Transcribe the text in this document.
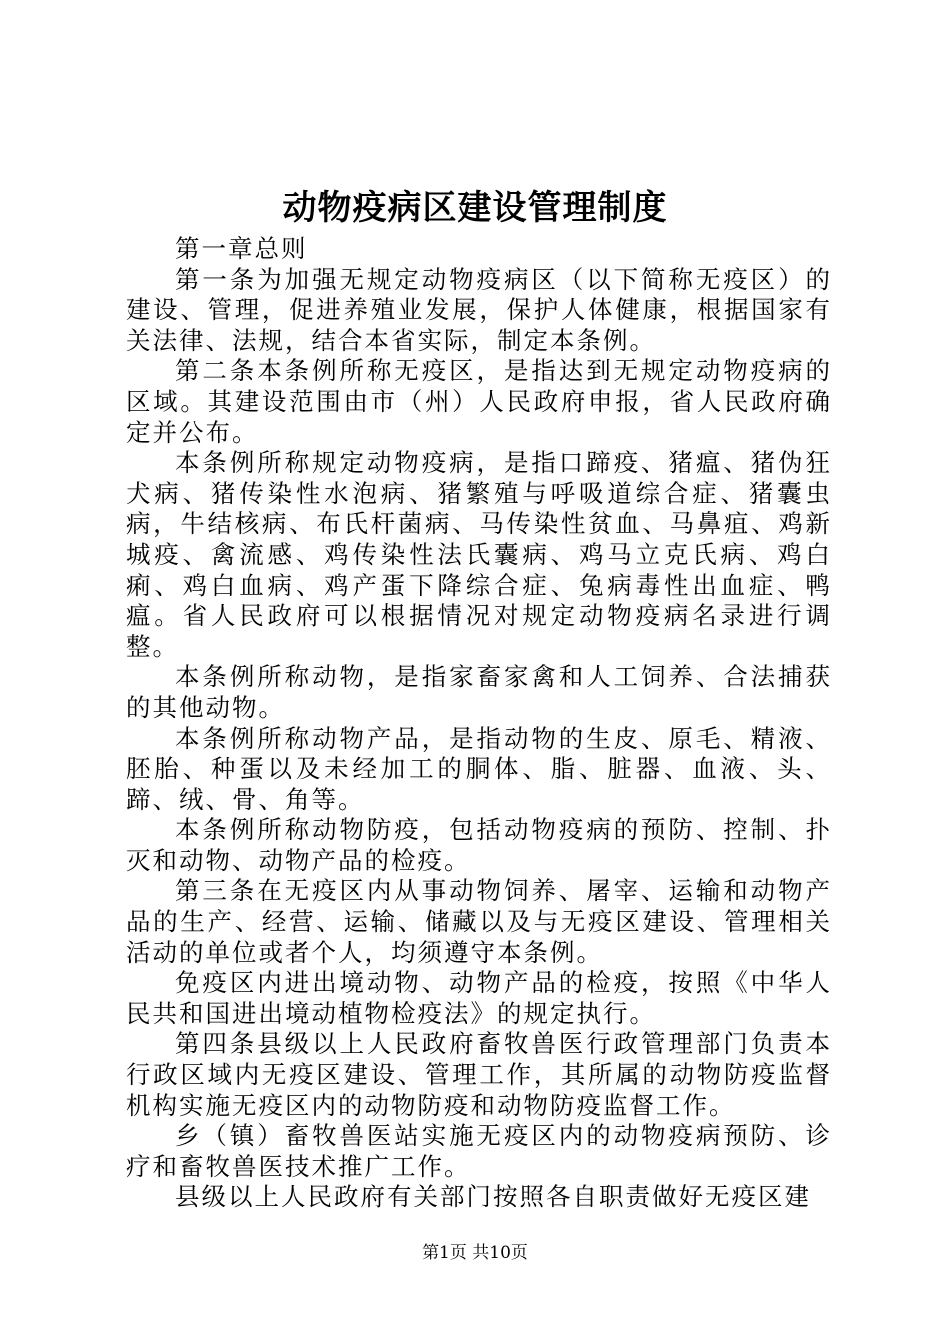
动物疫病区建设管理制度

第一章总则

第一条为加强无规定动物疫病区（以下简称无疫区）的建设、管理，促进养殖业发展，保护人体健康，根据国家有关法律、法规，结合本省实际，制定本条例。

第二条本条例所称无疫区，是指达到无规定动物疫病的区域。其建设范围由市（州）人民政府申报，省人民政府确定并公布。

本条例所称规定动物疫病，是指口蹄疫、猪瘟、猪伪狂犬病、猪传染性水泡病、猪繁殖与呼吸道综合症、猪囊虫病，牛结核病、布氏杆菌病、马传染性贫血、马鼻疽、鸡新城疫、禽流感、鸡传染性法氏囊病、鸡马立克氏病、鸡白痢、鸡白血病、鸡产蛋下降综合症、兔病毒性出血症、鸭瘟。省人民政府可以根据情况对规定动物疫病名录进行调整。

本条例所称动物，是指家畜家禽和人工饲养、合法捕获的其他动物。

本条例所称动物产品，是指动物的生皮、原毛、精液、胚胎、种蛋以及未经加工的胴体、脂、脏器、血液、头、蹄、绒、骨、角等。

本条例所称动物防疫，包括动物疫病的预防、控制、扑灭和动物、动物产品的检疫。

第三条在无疫区内从事动物饲养、屠宰、运输和动物产品的生产、经营、运输、储藏以及与无疫区建设、管理相关活动的单位或者个人，均须遵守本条例。

免疫区内进出境动物、动物产品的检疫，按照《中华人民共和国进出境动植物检疫法》的规定执行。

第四条县级以上人民政府畜牧兽医行政管理部门负责本行政区域内无疫区建设、管理工作，其所属的动物防疫监督机构实施无疫区内的动物防疫和动物防疫监督工作。

乡（镇）畜牧兽医站实施无疫区内的动物疫病预防、诊疗和畜牧兽医技术推广工作。

县级以上人民政府有关部门按照各自职责做好无疫区建

第1页 共10页
